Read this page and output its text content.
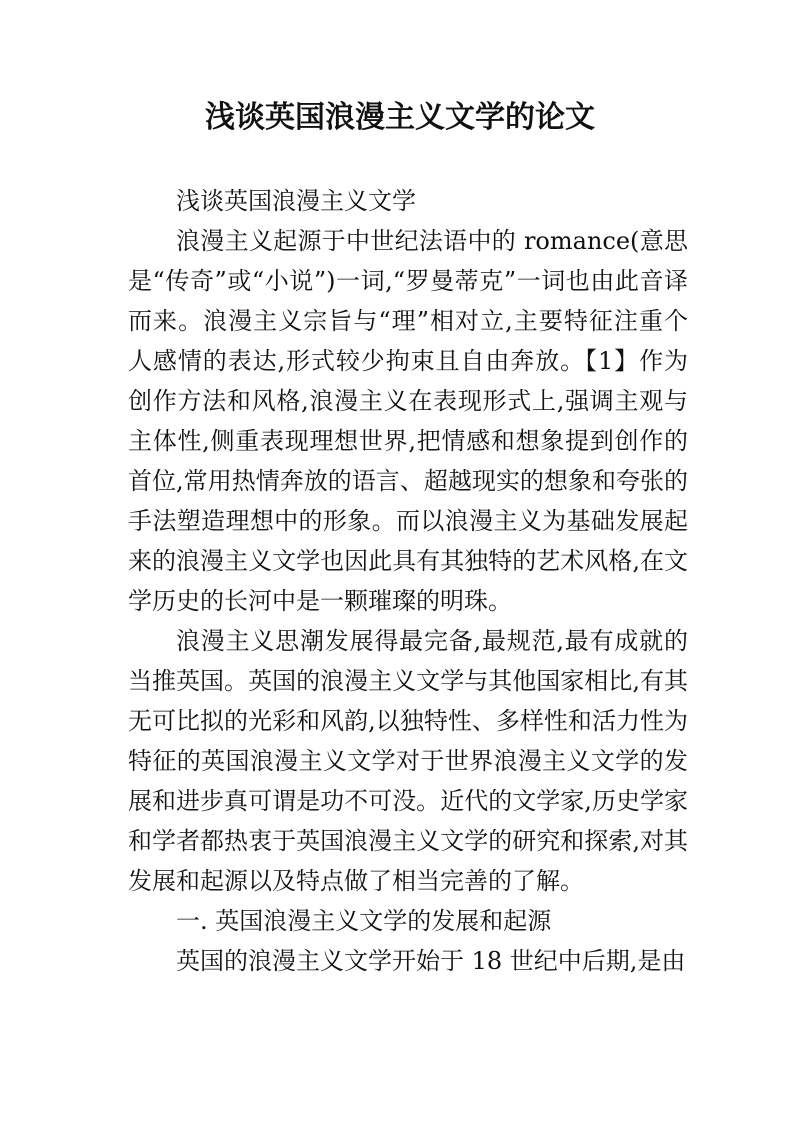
浅谈英国浪漫主义文学的论文

浅谈英国浪漫主义文学

浪漫主义起源于中世纪法语中的 romance(意思是“传奇”或“小说”)一词,“罗曼蒂克”一词也由此音译而来。浪漫主义宗旨与“理”相对立,主要特征注重个人感情的表达,形式较少拘束且自由奔放。【1】作为创作方法和风格,浪漫主义在表现形式上,强调主观与主体性,侧重表现理想世界,把情感和想象提到创作的首位,常用热情奔放的语言、超越现实的想象和夸张的手法塑造理想中的形象。而以浪漫主义为基础发展起来的浪漫主义文学也因此具有其独特的艺术风格,在文学历史的长河中是一颗璀璨的明珠。

浪漫主义思潮发展得最完备,最规范,最有成就的当推英国。英国的浪漫主义文学与其他国家相比,有其无可比拟的光彩和风韵,以独特性、多样性和活力性为特征的英国浪漫主义文学对于世界浪漫主义文学的发展和进步真可谓是功不可没。近代的文学家,历史学家和学者都热衷于英国浪漫主义文学的研究和探索,对其发展和起源以及特点做了相当完善的了解。

一. 英国浪漫主义文学的发展和起源

英国的浪漫主义文学开始于 18 世纪中后期,是由
